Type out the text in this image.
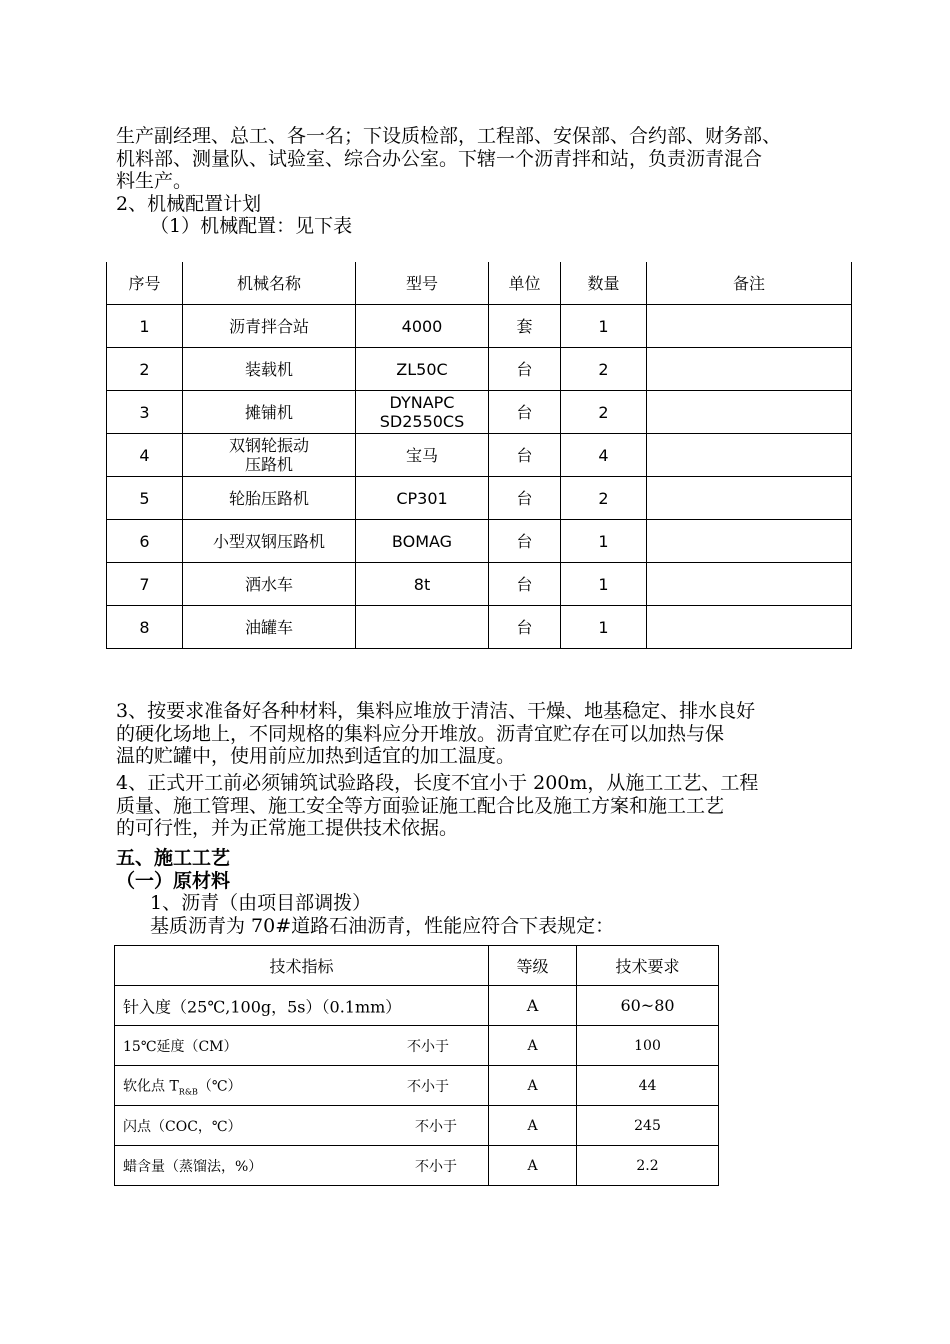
生产副经理、总工、各一名；下设质检部，工程部、安保部、合约部、财务部、
机料部、测量队、试验室、综合办公室。下辖一个沥青拌和站，负责沥青混合
料生产。
2、机械配置计划
（1）机械配置：见下表
序号	机械名称	型号	单位	数量	备注

1	沥青拌合站	4000	套	1	

2	装载机	ZL50C	台	2	

3	摊铺机	DYNAPC
SD2550CS	台	2	

4	双钢轮振动
压路机	宝马	台	4	

5	轮胎压路机	CP301	台	2	

6	小型双钢压路机	BOMAG	台	1	

7	洒水车	8t	台	1	

8	油罐车		台	1	

3、按要求准备好各种材料，集料应堆放于清洁、干燥、地基稳定、排水良好
的硬化场地上，不同规格的集料应分开堆放。沥青宜贮存在可以加热与保
温的贮罐中，使用前应加热到适宜的加工温度。
4、正式开工前必须铺筑试验路段，长度不宜小于 200m，从施工工艺、工程
质量、施工管理、施工安全等方面验证施工配合比及施工方案和施工工艺
的可行性，并为正常施工提供技术依据。
五、施工工艺
（一）原材料
1、沥青（由项目部调拨）
基质沥青为 70#道路石油沥青，性能应符合下表规定：
技术指标	等级	技术要求

针入度（25℃,100g，5s）（0.1mm）	A	60~80

15℃延度（CM） 不小于	A	100

软化点 $T_{R\&B}(℃)$ 不小于	A	44

闪点（COC，℃） 不小于	A	245

蜡含量（蒸馏法，%） 不小于	A	2.2
